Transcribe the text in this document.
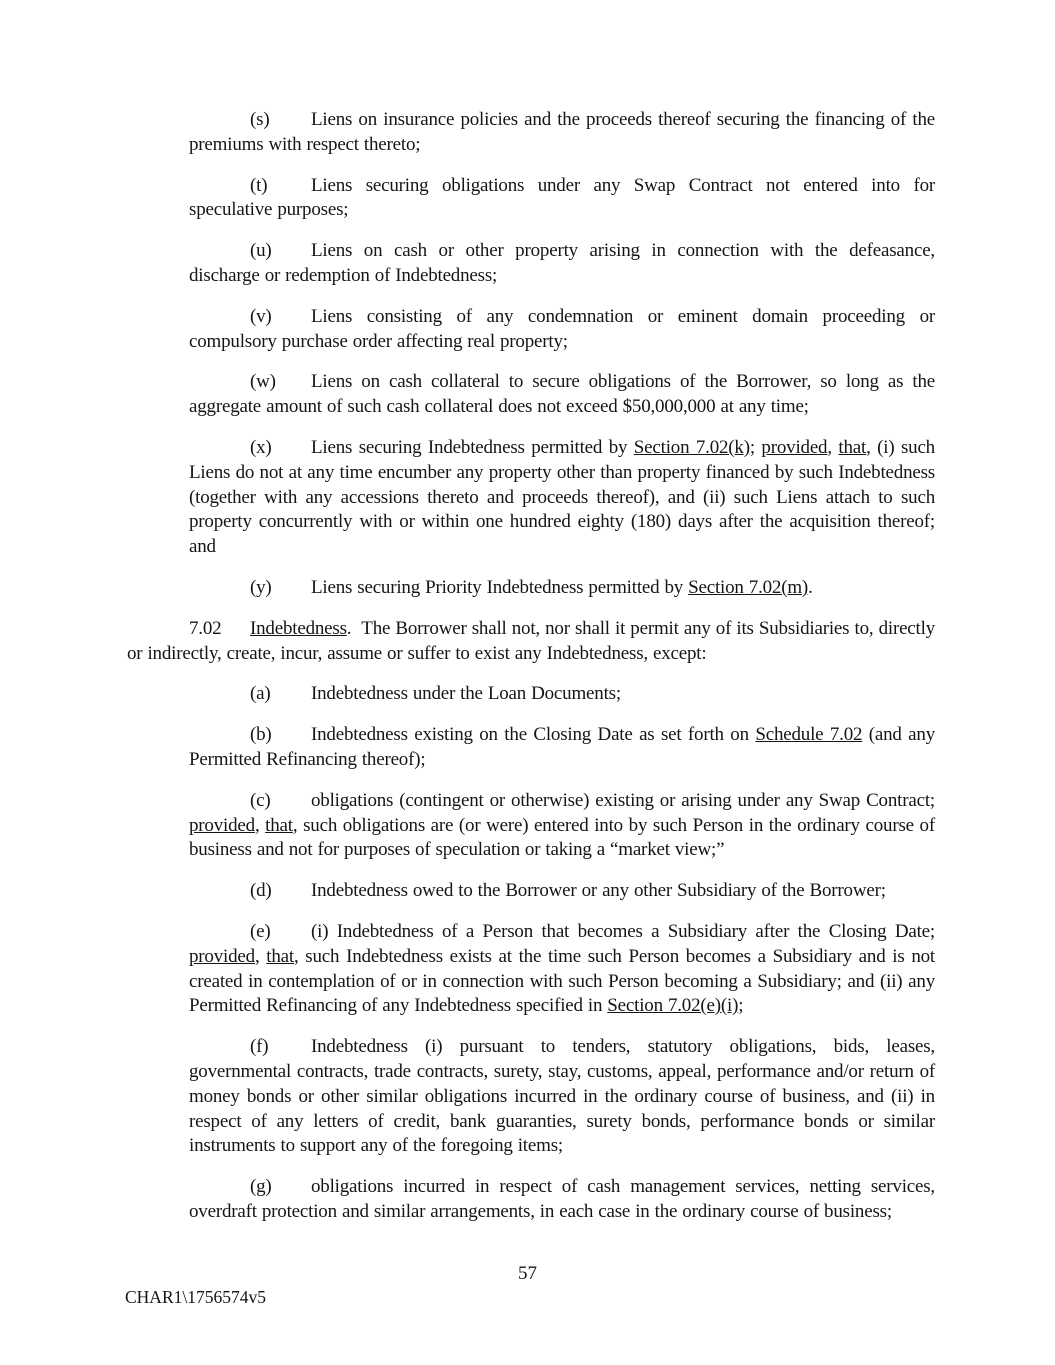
(s) Liens on insurance policies and the proceeds thereof securing the financing of the premiums with respect thereto;

(t) Liens securing obligations under any Swap Contract not entered into for speculative purposes;

(u) Liens on cash or other property arising in connection with the defeasance, discharge or redemption of Indebtedness;

(v) Liens consisting of any condemnation or eminent domain proceeding or compulsory purchase order affecting real property;

(w) Liens on cash collateral to secure obligations of the Borrower, so long as the aggregate amount of such cash collateral does not exceed $50,000,000 at any time;

(x) Liens securing Indebtedness permitted by Section 7.02(k); provided, that, (i) such Liens do not at any time encumber any property other than property financed by such Indebtedness (together with any accessions thereto and proceeds thereof), and (ii) such Liens attach to such property concurrently with or within one hundred eighty (180) days after the acquisition thereof; and

(y) Liens securing Priority Indebtedness permitted by Section 7.02(m).

7.02 Indebtedness.  The Borrower shall not, nor shall it permit any of its Subsidiaries to, directly or indirectly, create, incur, assume or suffer to exist any Indebtedness, except:

(a) Indebtedness under the Loan Documents;

(b) Indebtedness existing on the Closing Date as set forth on Schedule 7.02 (and any Permitted Refinancing thereof);

(c) obligations (contingent or otherwise) existing or arising under any Swap Contract; provided, that, such obligations are (or were) entered into by such Person in the ordinary course of business and not for purposes of speculation or taking a “market view;”

(d) Indebtedness owed to the Borrower or any other Subsidiary of the Borrower;

(e) (i) Indebtedness of a Person that becomes a Subsidiary after the Closing Date; provided, that, such Indebtedness exists at the time such Person becomes a Subsidiary and is not created in contemplation of or in connection with such Person becoming a Subsidiary; and (ii) any Permitted Refinancing of any Indebtedness specified in Section 7.02(e)(i);

(f) Indebtedness (i) pursuant to tenders, statutory obligations, bids, leases, governmental contracts, trade contracts, surety, stay, customs, appeal, performance and/or return of money bonds or other similar obligations incurred in the ordinary course of business, and (ii) in respect of any letters of credit, bank guaranties, surety bonds, performance bonds or similar instruments to support any of the foregoing items;

(g) obligations incurred in respect of cash management services, netting services, overdraft protection and similar arrangements, in each case in the ordinary course of business;

57
CHAR1\1756574v5
